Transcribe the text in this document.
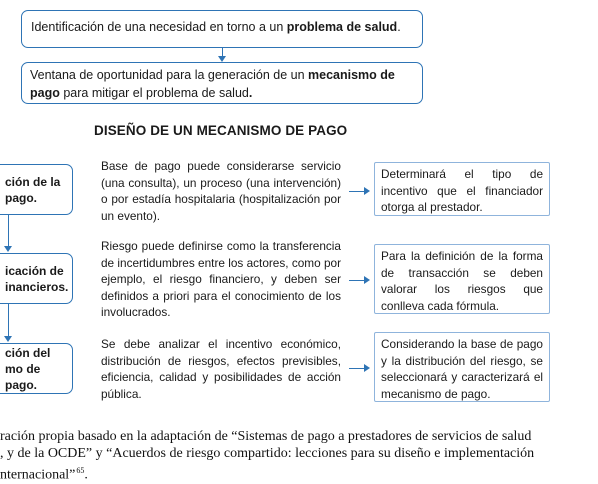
Identificación de una necesidad en torno a un problema de salud.
Ventana de oportunidad para la generación de un mecanismo de pago para mitigar el problema de salud.
DISEÑO DE UN MECANISMO DE PAGO
ción de la
pago.
Base de pago puede considerarse servicio (una consulta), un proceso (una intervención) o por estadía hospitalaria (hospitalización por un evento).
Determinará el tipo de incentivo que el financiador otorga al prestador.
icación de
inancieros.
Riesgo puede definirse como la transferencia de incertidumbres entre los actores, como por ejemplo, el riesgo financiero, y deben ser definidos a priori para el conocimiento de los involucrados.
Para la definición de la forma de transacción se deben valorar los riesgos que conlleva cada fórmula.
ción del
mo de pago.
Se debe analizar el incentivo económico, distribución de riesgos, efectos previsibles, eficiencia, calidad y posibilidades de acción pública.
Considerando la base de pago y la distribución del riesgo, se seleccionará y caracterizará el mecanismo de pago.
ración propia basado en la adaptación de “Sistemas de pago a prestadores de servicios de salud
, y de la OCDE” y “Acuerdos de riesgo compartido: lecciones para su diseño e implementación
nternacional”$^{65}$.
